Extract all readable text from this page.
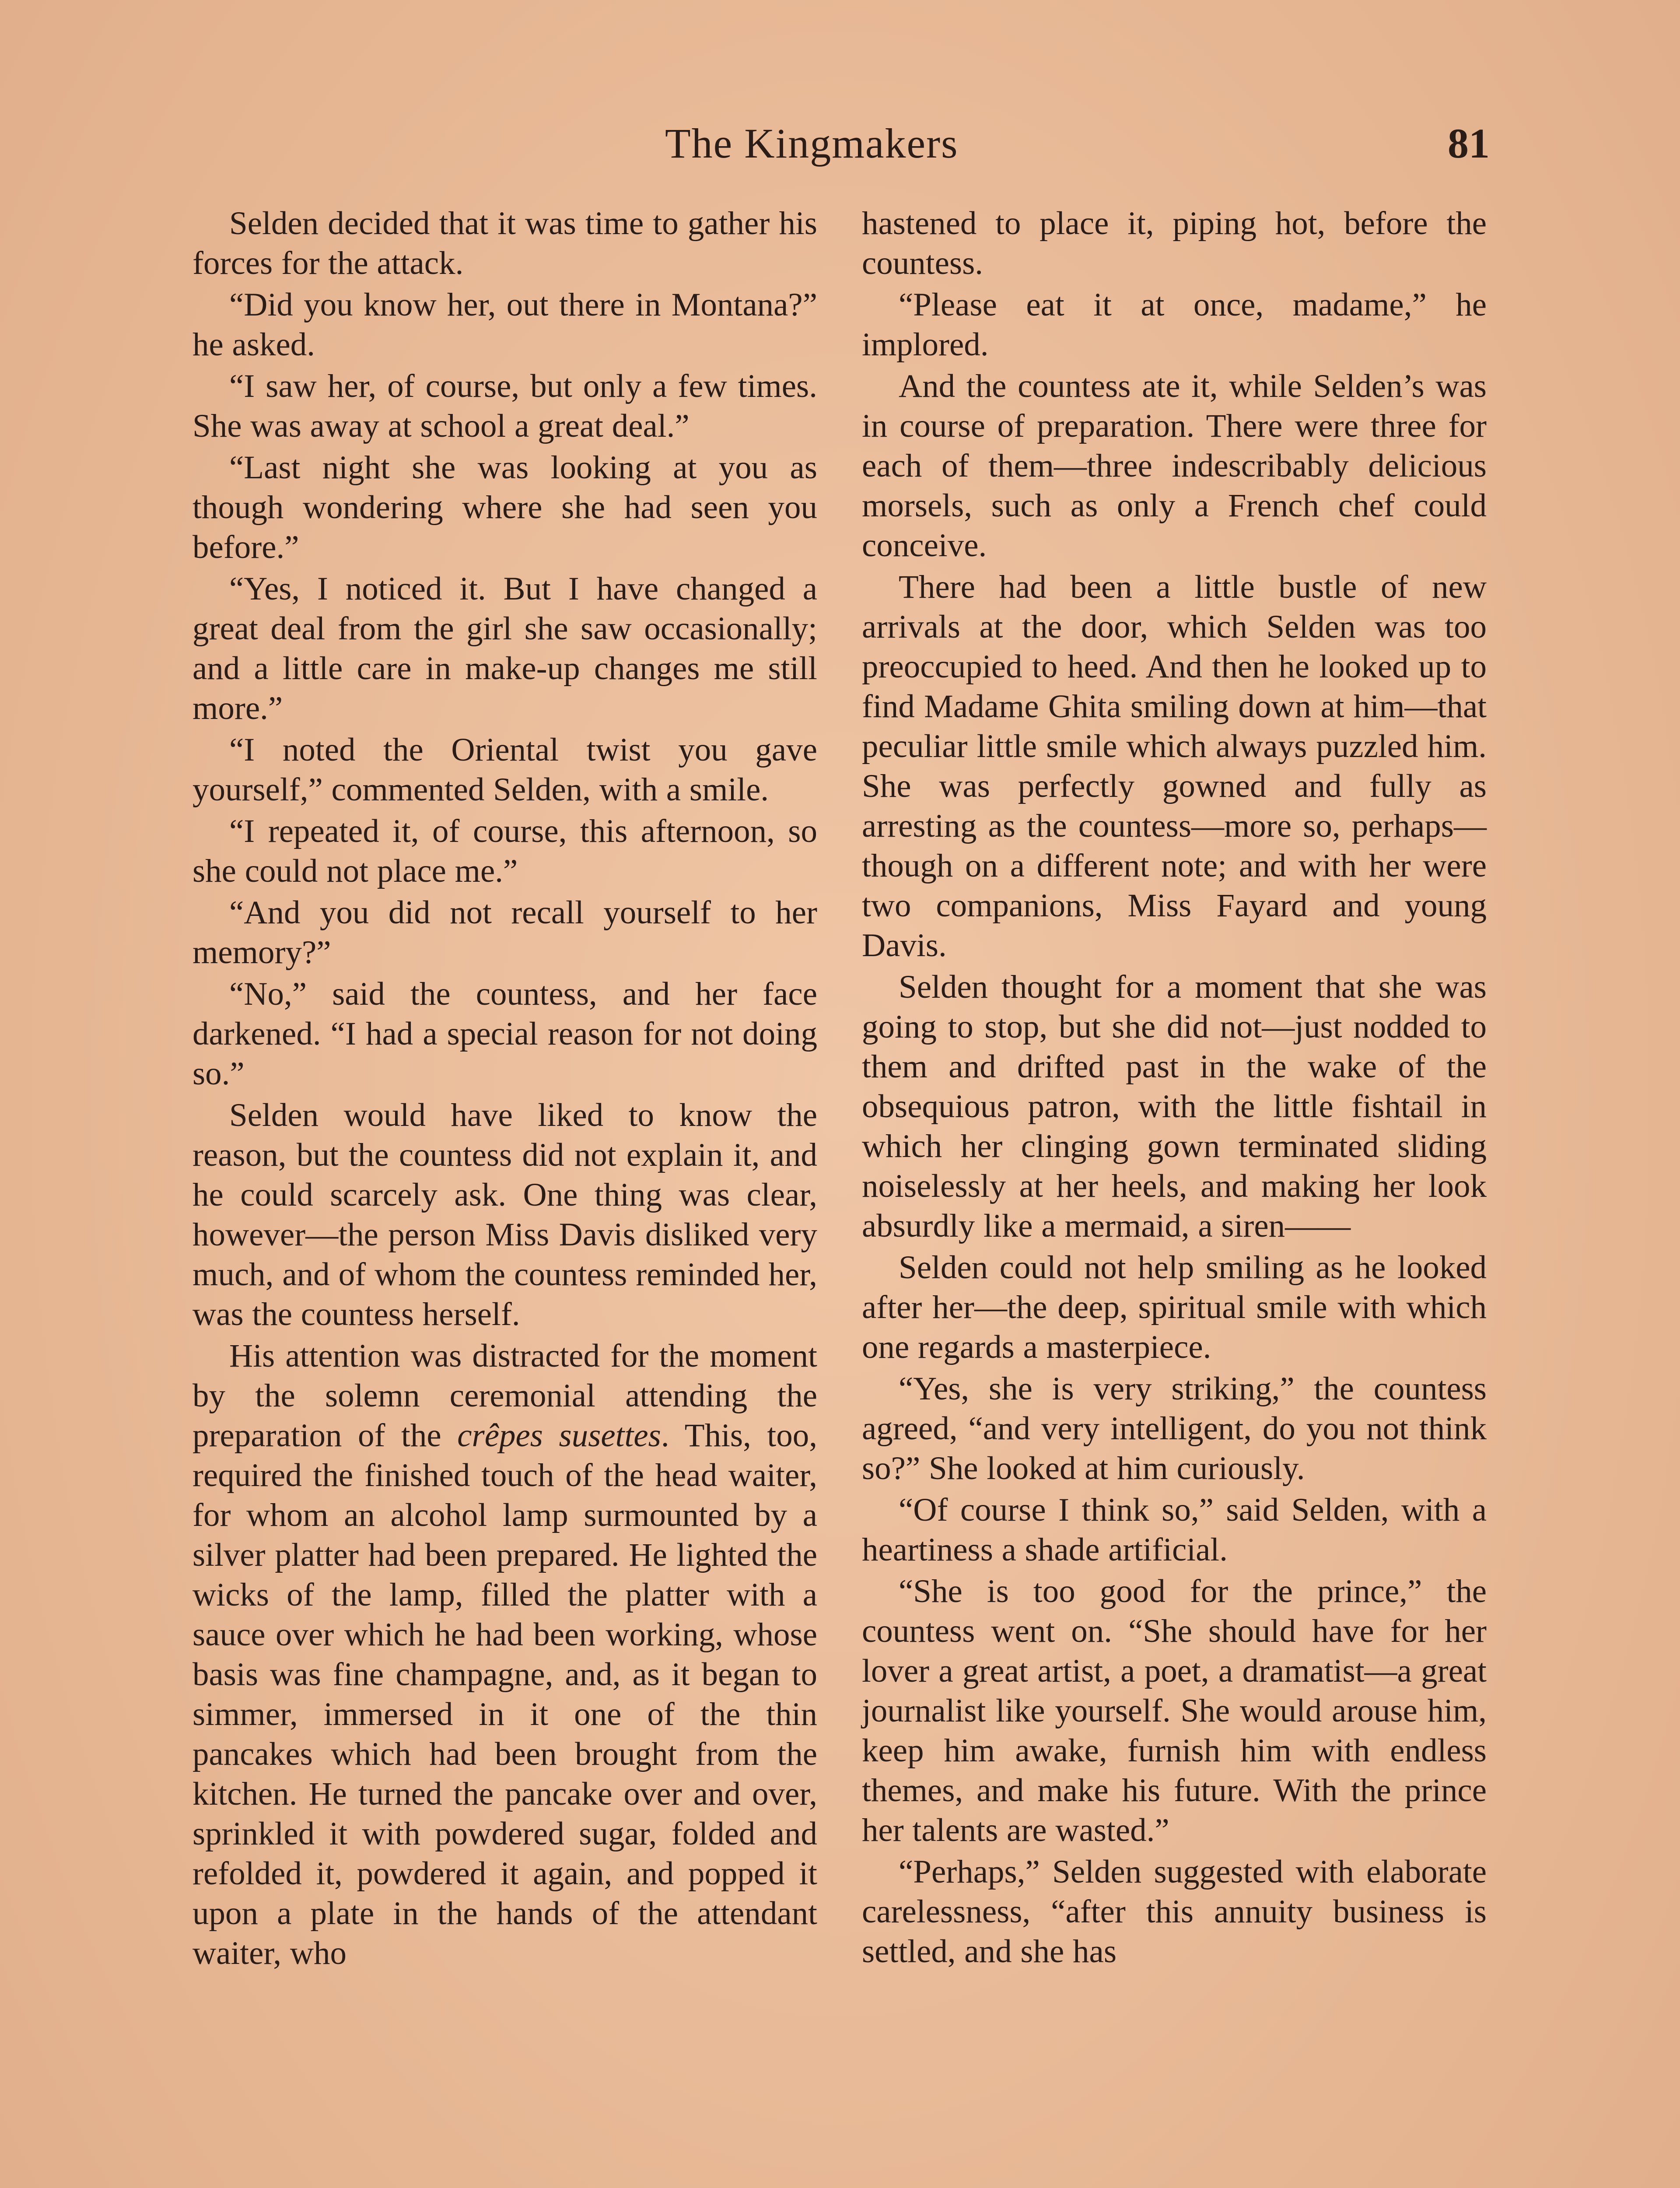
The Kingmakers	81

Selden decided that it was time to gather his forces for the attack.

“Did you know her, out there in Montana?” he asked.

“I saw her, of course, but only a few times. She was away at school a great deal.”

“Last night she was looking at you as though wondering where she had seen you before.”

“Yes, I noticed it. But I have changed a great deal from the girl she saw occasionally; and a little care in make-up changes me still more.”

“I noted the Oriental twist you gave yourself,” commented Selden, with a smile.

“I repeated it, of course, this afternoon, so she could not place me.”

“And you did not recall yourself to her memory?”

“No,” said the countess, and her face darkened. “I had a special reason for not doing so.”

Selden would have liked to know the reason, but the countess did not explain it, and he could scarcely ask. One thing was clear, however—the person Miss Davis disliked very much, and of whom the countess reminded her, was the countess herself.

His attention was distracted for the moment by the solemn ceremonial attending the preparation of the crêpes susettes. This, too, required the finished touch of the head waiter, for whom an alcohol lamp surmounted by a silver platter had been prepared. He lighted the wicks of the lamp, filled the platter with a sauce over which he had been working, whose basis was fine champagne, and, as it began to simmer, immersed in it one of the thin pancakes which had been brought from the kitchen. He turned the pancake over and over, sprinkled it with powdered sugar, folded and refolded it, powdered it again, and popped it upon a plate in the hands of the attendant waiter, who

hastened to place it, piping hot, before the countess.

“Please eat it at once, madame,” he implored.

And the countess ate it, while Selden’s was in course of preparation. There were three for each of them—three indescribably delicious morsels, such as only a French chef could conceive.

There had been a little bustle of new arrivals at the door, which Selden was too preoccupied to heed. And then he looked up to find Madame Ghita smiling down at him—that peculiar little smile which always puzzled him. She was perfectly gowned and fully as arresting as the countess—more so, perhaps—though on a different note; and with her were two companions, Miss Fayard and young Davis.

Selden thought for a moment that she was going to stop, but she did not—just nodded to them and drifted past in the wake of the obsequious patron, with the little fishtail in which her clinging gown terminated sliding noiselessly at her heels, and making her look absurdly like a mermaid, a siren——

Selden could not help smiling as he looked after her—the deep, spiritual smile with which one regards a masterpiece.

“Yes, she is very striking,” the countess agreed, “and very intelligent, do you not think so?” She looked at him curiously.

“Of course I think so,” said Selden, with a heartiness a shade artificial.

“She is too good for the prince,” the countess went on. “She should have for her lover a great artist, a poet, a dramatist—a great journalist like yourself. She would arouse him, keep him awake, furnish him with endless themes, and make his future. With the prince her talents are wasted.”

“Perhaps,” Selden suggested with elaborate carelessness, “after this annuity business is settled, and she has
